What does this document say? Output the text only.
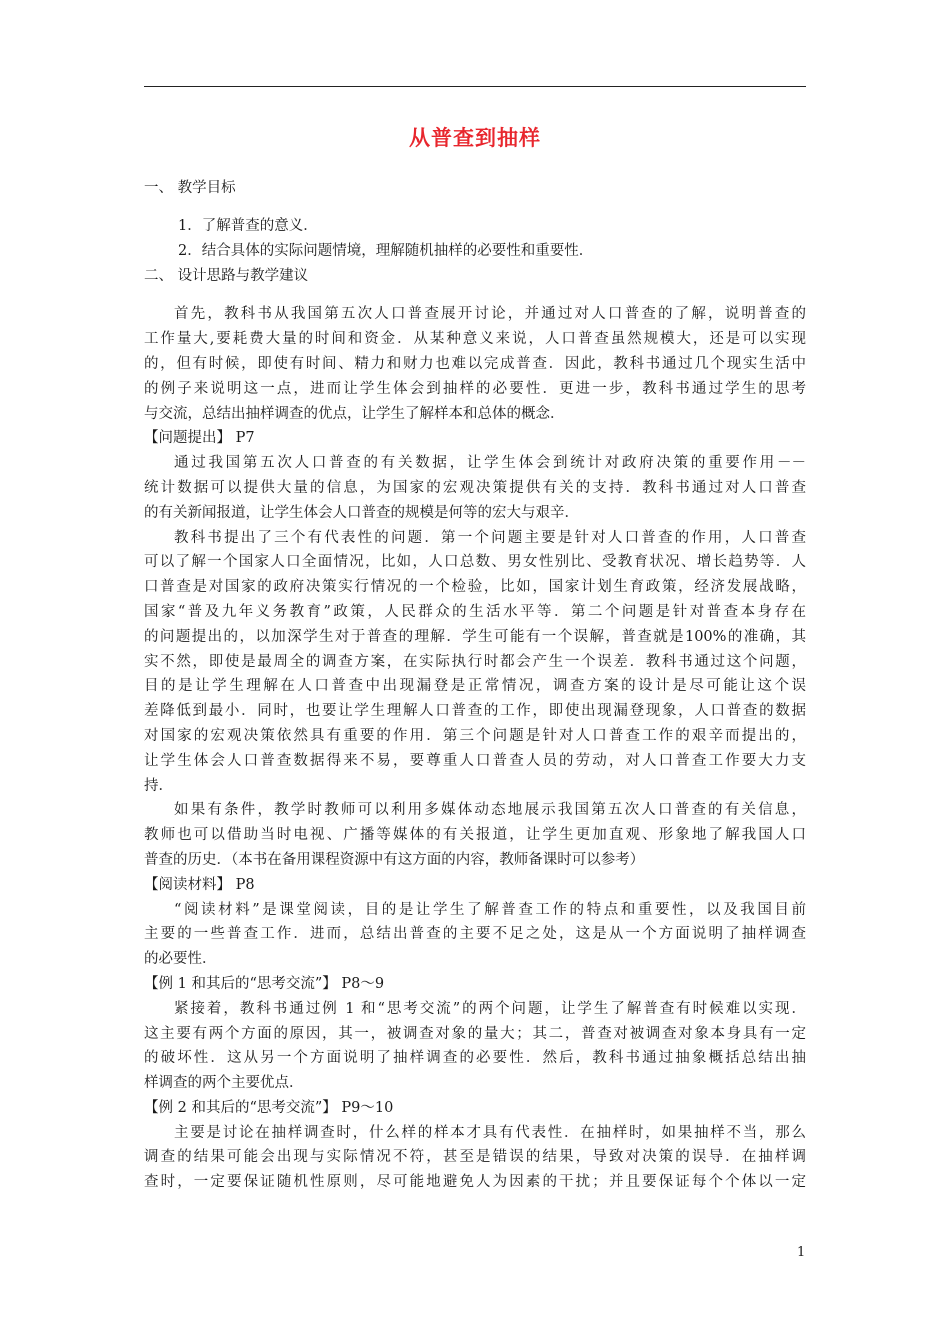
从普查到抽样
一、 教学目标
1．了解普查的意义．
2．结合具体的实际问题情境，理解随机抽样的必要性和重要性．
二、 设计思路与教学建议
首先，教科书从我国第五次人口普查展开讨论，并通过对人口普查的了解，说明普查的
工作量大,要耗费大量的时间和资金．从某种意义来说，人口普查虽然规模大，还是可以实现
的，但有时候，即使有时间、精力和财力也难以完成普查．因此，教科书通过几个现实生活中
的例子来说明这一点，进而让学生体会到抽样的必要性．更进一步，教科书通过学生的思考
与交流，总结出抽样调查的优点，让学生了解样本和总体的概念．
【问题提出】 P7
通过我国第五次人口普查的有关数据，让学生体会到统计对政府决策的重要作用－－
统计数据可以提供大量的信息，为国家的宏观决策提供有关的支持．教科书通过对人口普查
的有关新闻报道，让学生体会人口普查的规模是何等的宏大与艰辛．
教科书提出了三个有代表性的问题．第一个问题主要是针对人口普查的作用，人口普查
可以了解一个国家人口全面情况，比如，人口总数、男女性别比、受教育状况、增长趋势等．人
口普查是对国家的政府决策实行情况的一个检验，比如，国家计划生育政策，经济发展战略，
国家“普及九年义务教育”政策，人民群众的生活水平等．第二个问题是针对普查本身存在
的问题提出的，以加深学生对于普查的理解．学生可能有一个误解，普查就是100%的准确，其
实不然，即使是最周全的调查方案，在实际执行时都会产生一个误差．教科书通过这个问题，
目的是让学生理解在人口普查中出现漏登是正常情况，调查方案的设计是尽可能让这个误
差降低到最小．同时，也要让学生理解人口普查的工作，即使出现漏登现象，人口普查的数据
对国家的宏观决策依然具有重要的作用．第三个问题是针对人口普查工作的艰辛而提出的，
让学生体会人口普查数据得来不易，要尊重人口普查人员的劳动，对人口普查工作要大力支
持．
如果有条件，教学时教师可以利用多媒体动态地展示我国第五次人口普查的有关信息，
教师也可以借助当时电视、广播等媒体的有关报道，让学生更加直观、形象地了解我国人口
普查的历史．（本书在备用课程资源中有这方面的内容，教师备课时可以参考）
【阅读材料】 P8
“阅读材料”是课堂阅读，目的是让学生了解普查工作的特点和重要性，以及我国目前
主要的一些普查工作．进而，总结出普查的主要不足之处，这是从一个方面说明了抽样调查
的必要性．
【例 1 和其后的“思考交流”】 P8～9
紧接着，教科书通过例 1 和“思考交流”的两个问题，让学生了解普查有时候难以实现．
这主要有两个方面的原因，其一，被调查对象的量大；其二，普查对被调查对象本身具有一定
的破坏性．这从另一个方面说明了抽样调查的必要性．然后，教科书通过抽象概括总结出抽
样调查的两个主要优点．
【例 2 和其后的“思考交流”】 P9～10
主要是讨论在抽样调查时，什么样的样本才具有代表性．在抽样时，如果抽样不当，那么
调查的结果可能会出现与实际情况不符，甚至是错误的结果，导致对决策的误导．在抽样调
查时，一定要保证随机性原则，尽可能地避免人为因素的干扰；并且要保证每个个体以一定
1
